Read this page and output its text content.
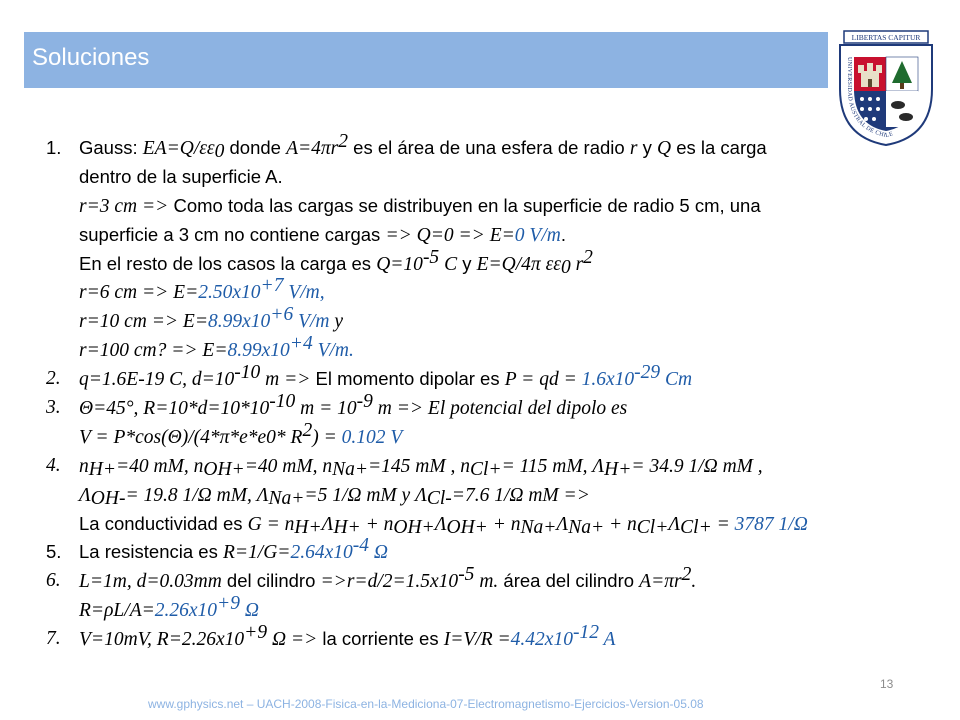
Soluciones
LIBERTAS CAPITUR
UNIVERSIDAD AUSTRAL DE CHILE
1. Gauss: $EA=Q/\varepsilon\varepsilon_0$ donde $A=4\pi r^2$ es el área de una esfera de radio r y Q es la carga
dentro de la superficie A.
r=3 cm => Como toda las cargas se distribuyen en la superficie de radio 5 cm, una
superficie a 3 cm no contiene cargas => Q=0 => E=0 V/m.
En el resto de los casos la carga es $Q=10^{-5}$ C y E=Q/4π $\varepsilon\varepsilon_0$ $r^2$
r=6 cm => $E=2.50x10^{+7}$ V/m,
r=10 cm => $E=8.99x10^{+6}$ V/m y
r=100 cm? => $E=8.99x10^{+4}$ V/m.
2. q=1.6E-19 C, $d=10^{-10}$ m => El momento dipolar es P = qd = $1.6x10^{-29}$ Cm
3. Θ=45°, $R=10*d=10*10^{-10}$ $m = 10^{-9}$ m => El potencial del dipolo es
V = P*cos(Θ)/(4*π*e*e0* $R^2) = 0.102$ V
4. $n_{H+}=40$ mM, $n_{OH+}=40$ mM, $n_{Na+}=145$ mM , $n_{Cl+}= 115$ mM, $\Lambda_{H+}= 34.9$ 1/Ω mM ,
$\Lambda_{OH-}= 19.8$ 1/Ω mM, $\Lambda_{Na+}=5$ 1/Ω mM y $\Lambda_{Cl-}=7.6$ 1/Ω mM =>
La conductividad es $G = n_{H+}\Lambda_{H+} + n_{OH+}\Lambda_{OH+} + n_{Na+}\Lambda_{Na+} + n_{Cl+}\Lambda_{Cl+} = 3787$ 1/Ω
5. La resistencia es $R=1/G=2.64x10^{-4}$ Ω
6. L=1m, d=0.03mm del cilindro $=>r=d/2=1.5x10^{-5}$ m. área del cilindro $A=\pi r^2$.
$R=\rho L/A=2.26x10^{+9}$ Ω
7. V=10mV, $R=2.26x10^{+9}$ Ω => la corriente es $I=V/R =4.42x10^{-12}$ A
13
www.gphysics.net – UACH-2008-Fisica-en-la-Mediciona-07-Electromagnetismo-Ejercicios-Version-05.08
